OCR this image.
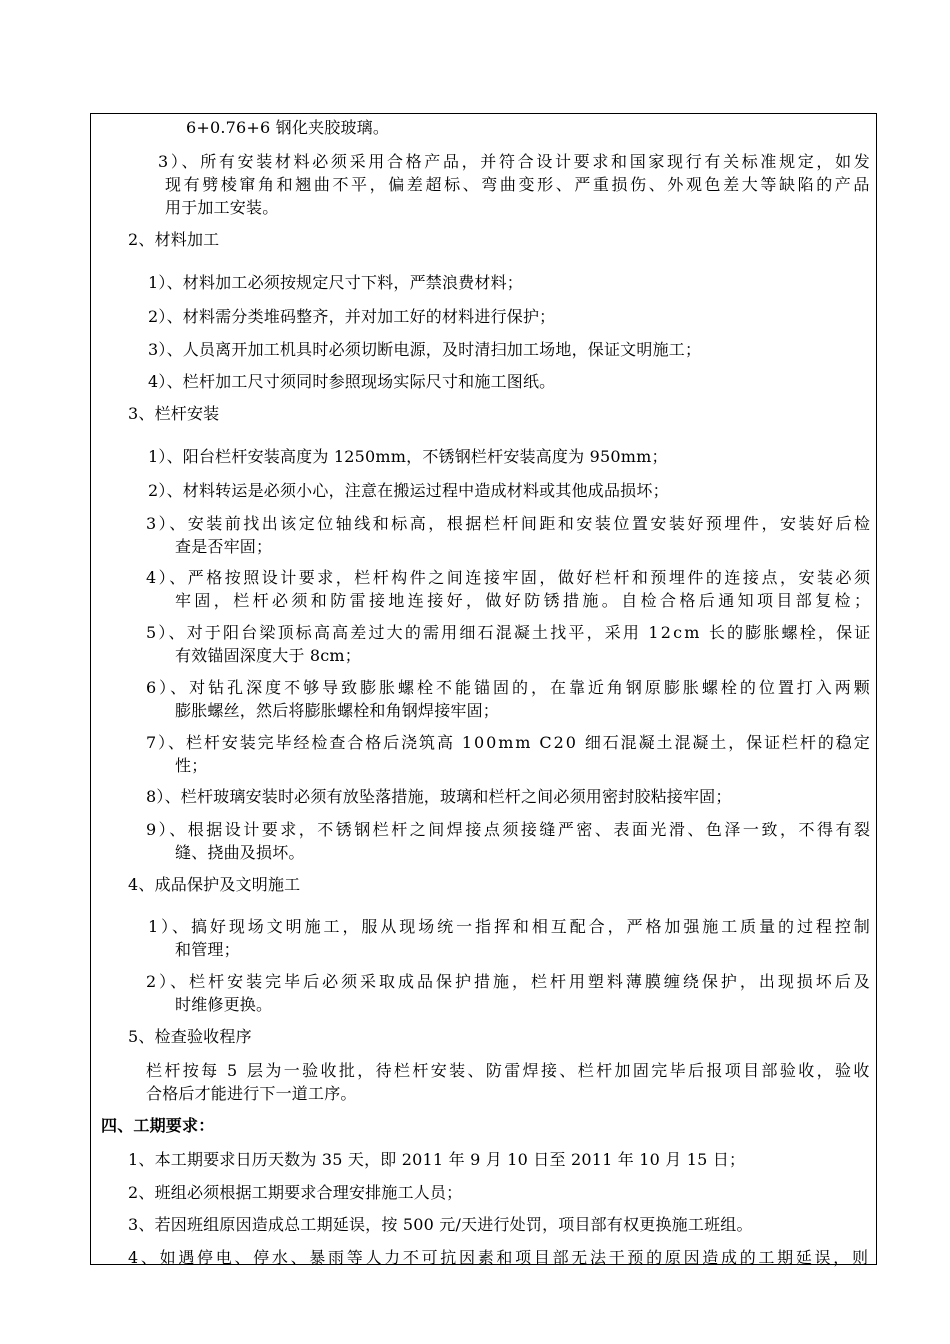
6+0.76+6 钢化夹胶玻璃。
3）、所有安装材料必须采用合格产品，并符合设计要求和国家现行有关标准规定，如发
现有劈棱窜角和翘曲不平，偏差超标、弯曲变形、严重损伤、外观色差大等缺陷的产品
用于加工安装。
2、材料加工
1）、材料加工必须按规定尺寸下料，严禁浪费材料；
2）、材料需分类堆码整齐，并对加工好的材料进行保护；
3）、人员离开加工机具时必须切断电源，及时清扫加工场地，保证文明施工；
4）、栏杆加工尺寸须同时参照现场实际尺寸和施工图纸。
3、栏杆安装
1）、阳台栏杆安装高度为 1250mm，不锈钢栏杆安装高度为 950mm；
2）、材料转运是必须小心，注意在搬运过程中造成材料或其他成品损坏；
3）、安装前找出该定位轴线和标高，根据栏杆间距和安装位置安装好预埋件，安装好后检
查是否牢固；
4）、严格按照设计要求，栏杆构件之间连接牢固，做好栏杆和预埋件的连接点，安装必须
牢固，栏杆必须和防雷接地连接好，做好防锈措施。自检合格后通知项目部复检；
5）、对于阳台梁顶标高高差过大的需用细石混凝土找平，采用 12cm 长的膨胀螺栓，保证
有效锚固深度大于 8cm；
6）、对钻孔深度不够导致膨胀螺栓不能锚固的，在靠近角钢原膨胀螺栓的位置打入两颗
膨胀螺丝，然后将膨胀螺栓和角钢焊接牢固；
7）、栏杆安装完毕经检查合格后浇筑高 100mm C20 细石混凝土混凝土，保证栏杆的稳定
性；
8）、栏杆玻璃安装时必须有放坠落措施，玻璃和栏杆之间必须用密封胶粘接牢固；
9）、根据设计要求，不锈钢栏杆之间焊接点须接缝严密、表面光滑、色泽一致，不得有裂
缝、挠曲及损坏。
4、成品保护及文明施工
1）、搞好现场文明施工，服从现场统一指挥和相互配合，严格加强施工质量的过程控制
和管理；
2）、栏杆安装完毕后必须采取成品保护措施，栏杆用塑料薄膜缠绕保护，出现损坏后及
时维修更换。
5、检查验收程序
栏杆按每 5 层为一验收批，待栏杆安装、防雷焊接、栏杆加固完毕后报项目部验收，验收
合格后才能进行下一道工序。
四、工期要求：
1、本工期要求日历天数为 35 天，即 2011 年 9 月 10 日至 2011 年 10 月 15 日；
2、班组必须根据工期要求合理安排施工人员；
3、若因班组原因造成总工期延误，按 500 元/天进行处罚，项目部有权更换施工班组。
4、如遇停电、停水、暴雨等人力不可抗因素和项目部无法干预的原因造成的工期延误，则
